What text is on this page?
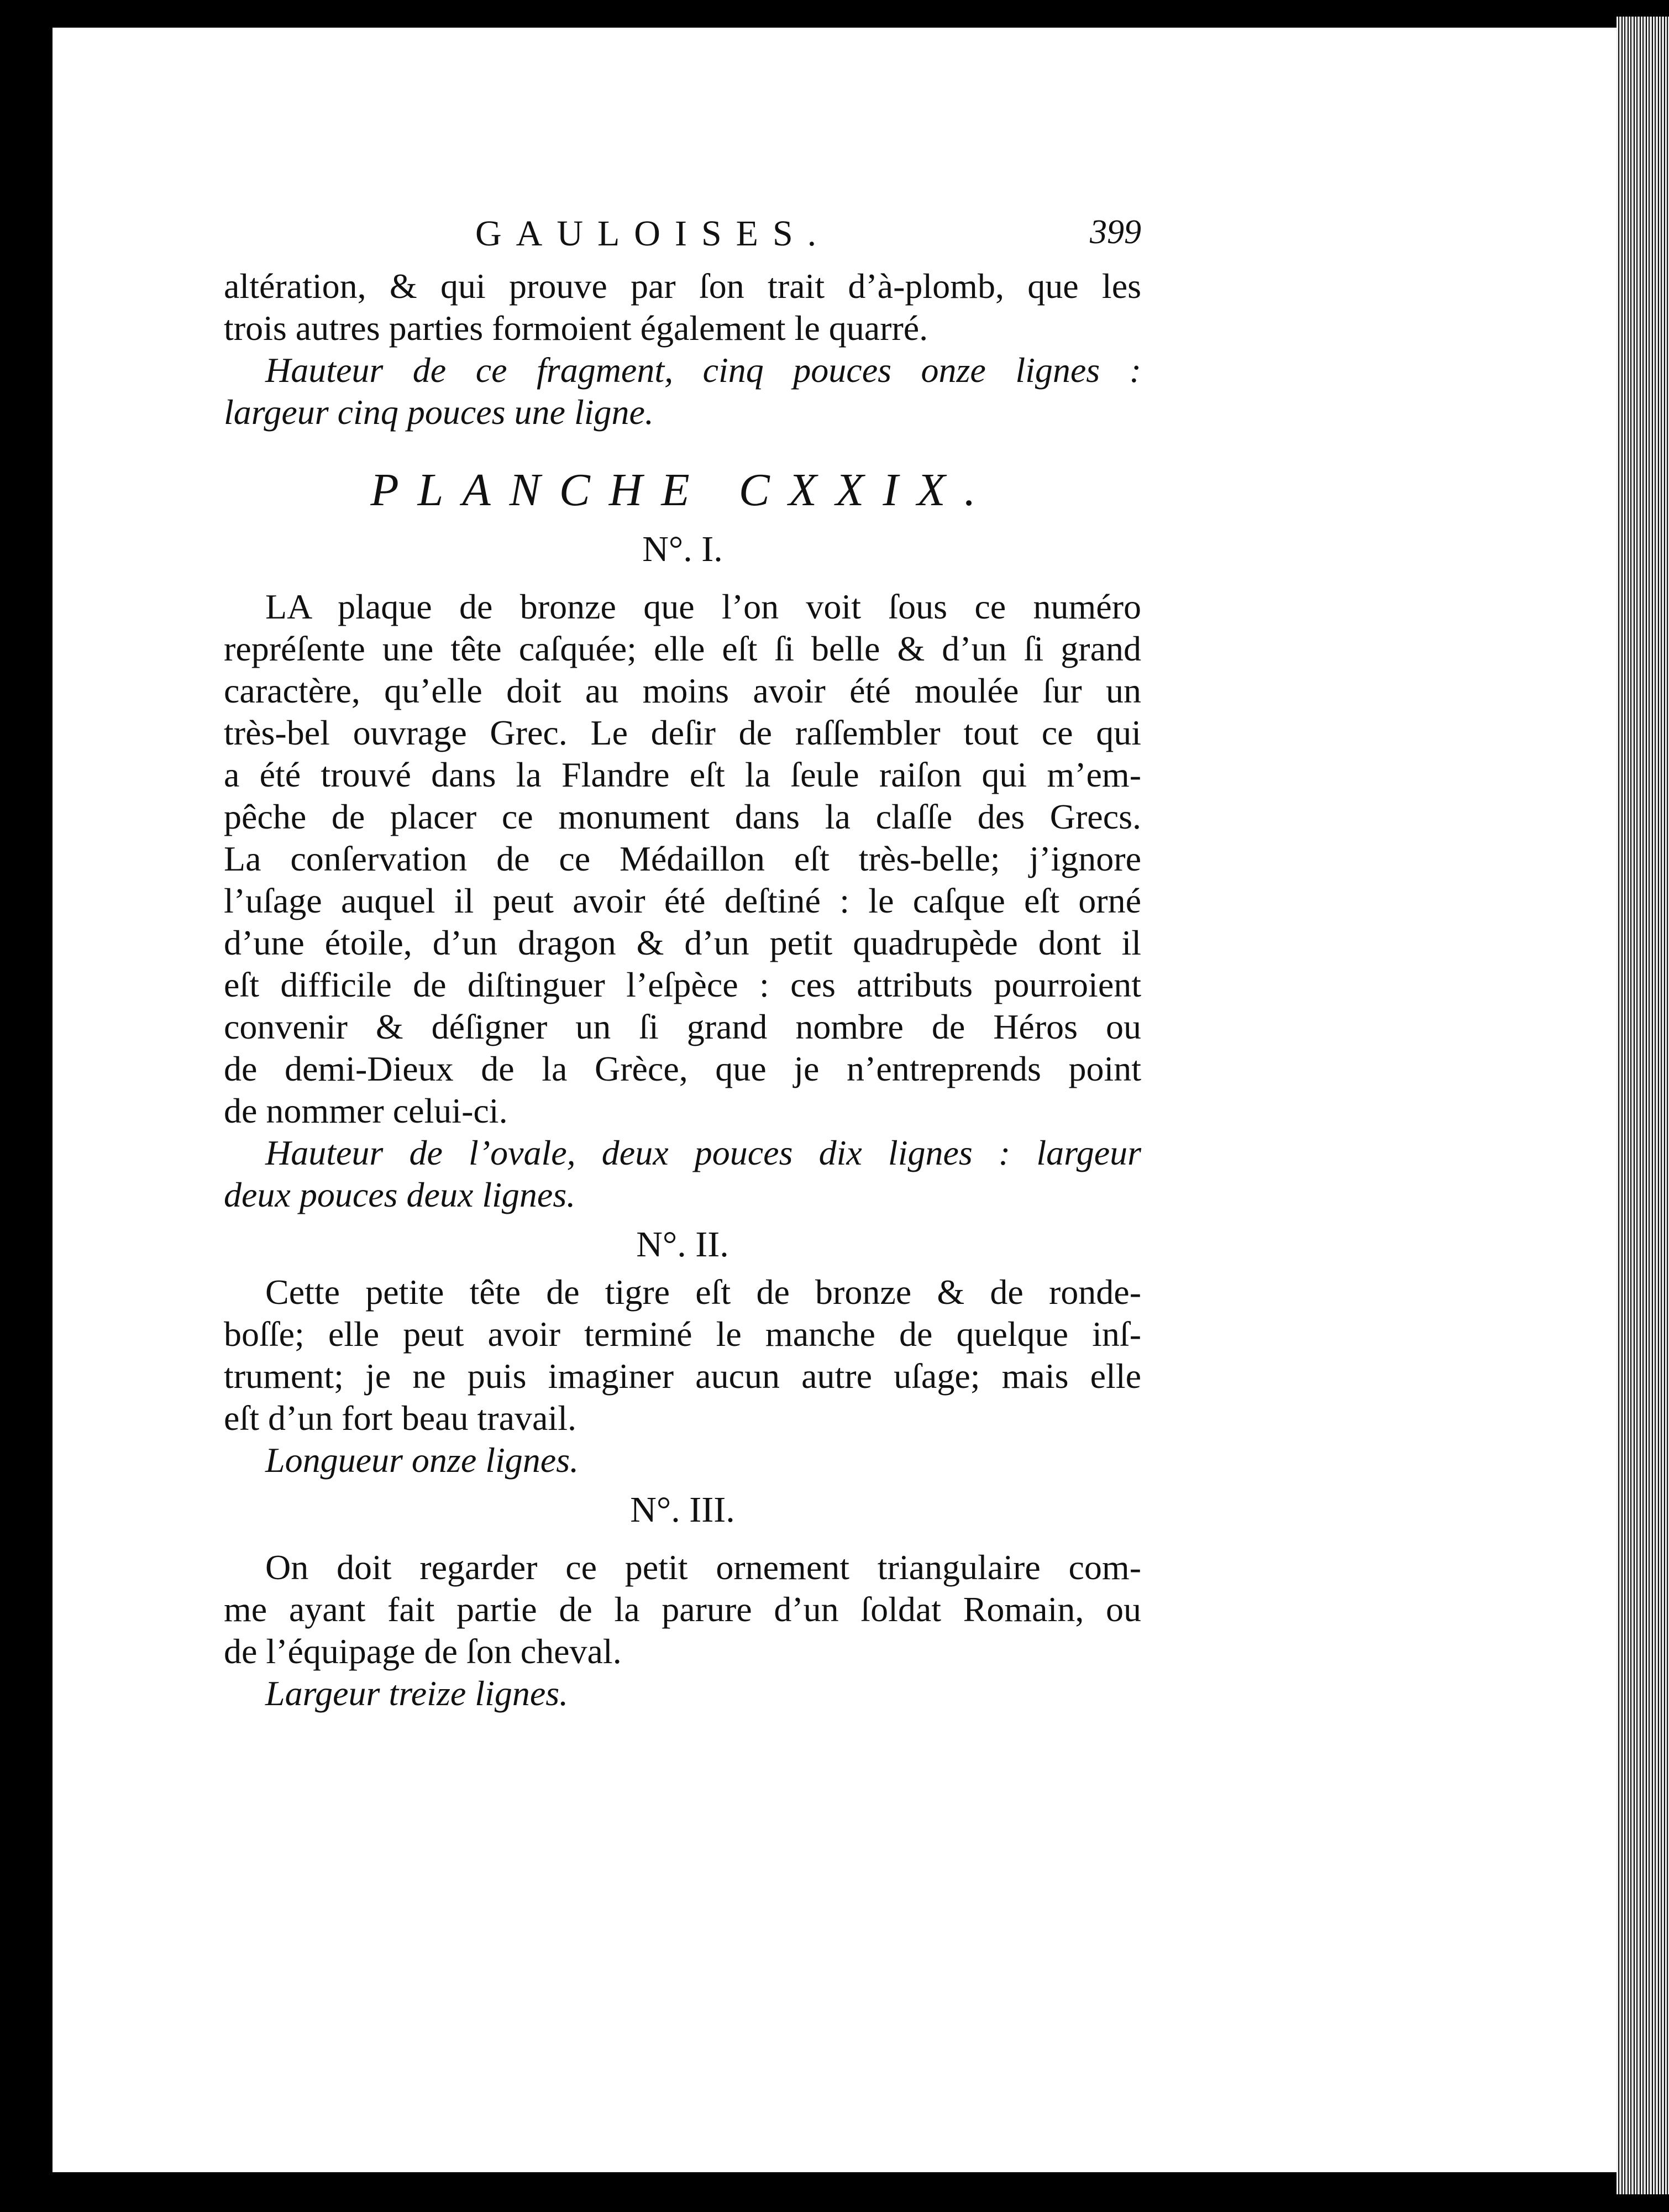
GAULOISES.	399
altération, & qui prouve par ſon trait d’à-plomb, que les
trois autres parties formoient également le quarré.
Hauteur de ce fragment, cinq pouces onze lignes :
largeur cinq pouces une ligne.
PLANCHE CXXIX.
N°. I.
LA plaque de bronze que l’on voit ſous ce numéro
repréſente une tête caſquée; elle eſt ſi belle & d’un ſi grand
caractère, qu’elle doit au moins avoir été moulée ſur un
très-bel ouvrage Grec. Le deſir de raſſembler tout ce qui
a été trouvé dans la Flandre eſt la ſeule raiſon qui m’em-
pêche de placer ce monument dans la claſſe des Grecs.
La conſervation de ce Médaillon eſt très-belle; j’ignore
l’uſage auquel il peut avoir été deſtiné : le caſque eſt orné
d’une étoile, d’un dragon & d’un petit quadrupède dont il
eſt difficile de diſtinguer l’eſpèce : ces attributs pourroient
convenir & déſigner un ſi grand nombre de Héros ou
de demi-Dieux de la Grèce, que je n’entreprends point
de nommer celui-ci.
Hauteur de l’ovale, deux pouces dix lignes : largeur
deux pouces deux lignes.
N°. II.
Cette petite tête de tigre eſt de bronze & de ronde-
boſſe; elle peut avoir terminé le manche de quelque inſ-
trument; je ne puis imaginer aucun autre uſage; mais elle
eſt d’un fort beau travail.
Longueur onze lignes.
N°. III.
On doit regarder ce petit ornement triangulaire com-
me ayant fait partie de la parure d’un ſoldat Romain, ou
de l’équipage de ſon cheval.
Largeur treize lignes.
